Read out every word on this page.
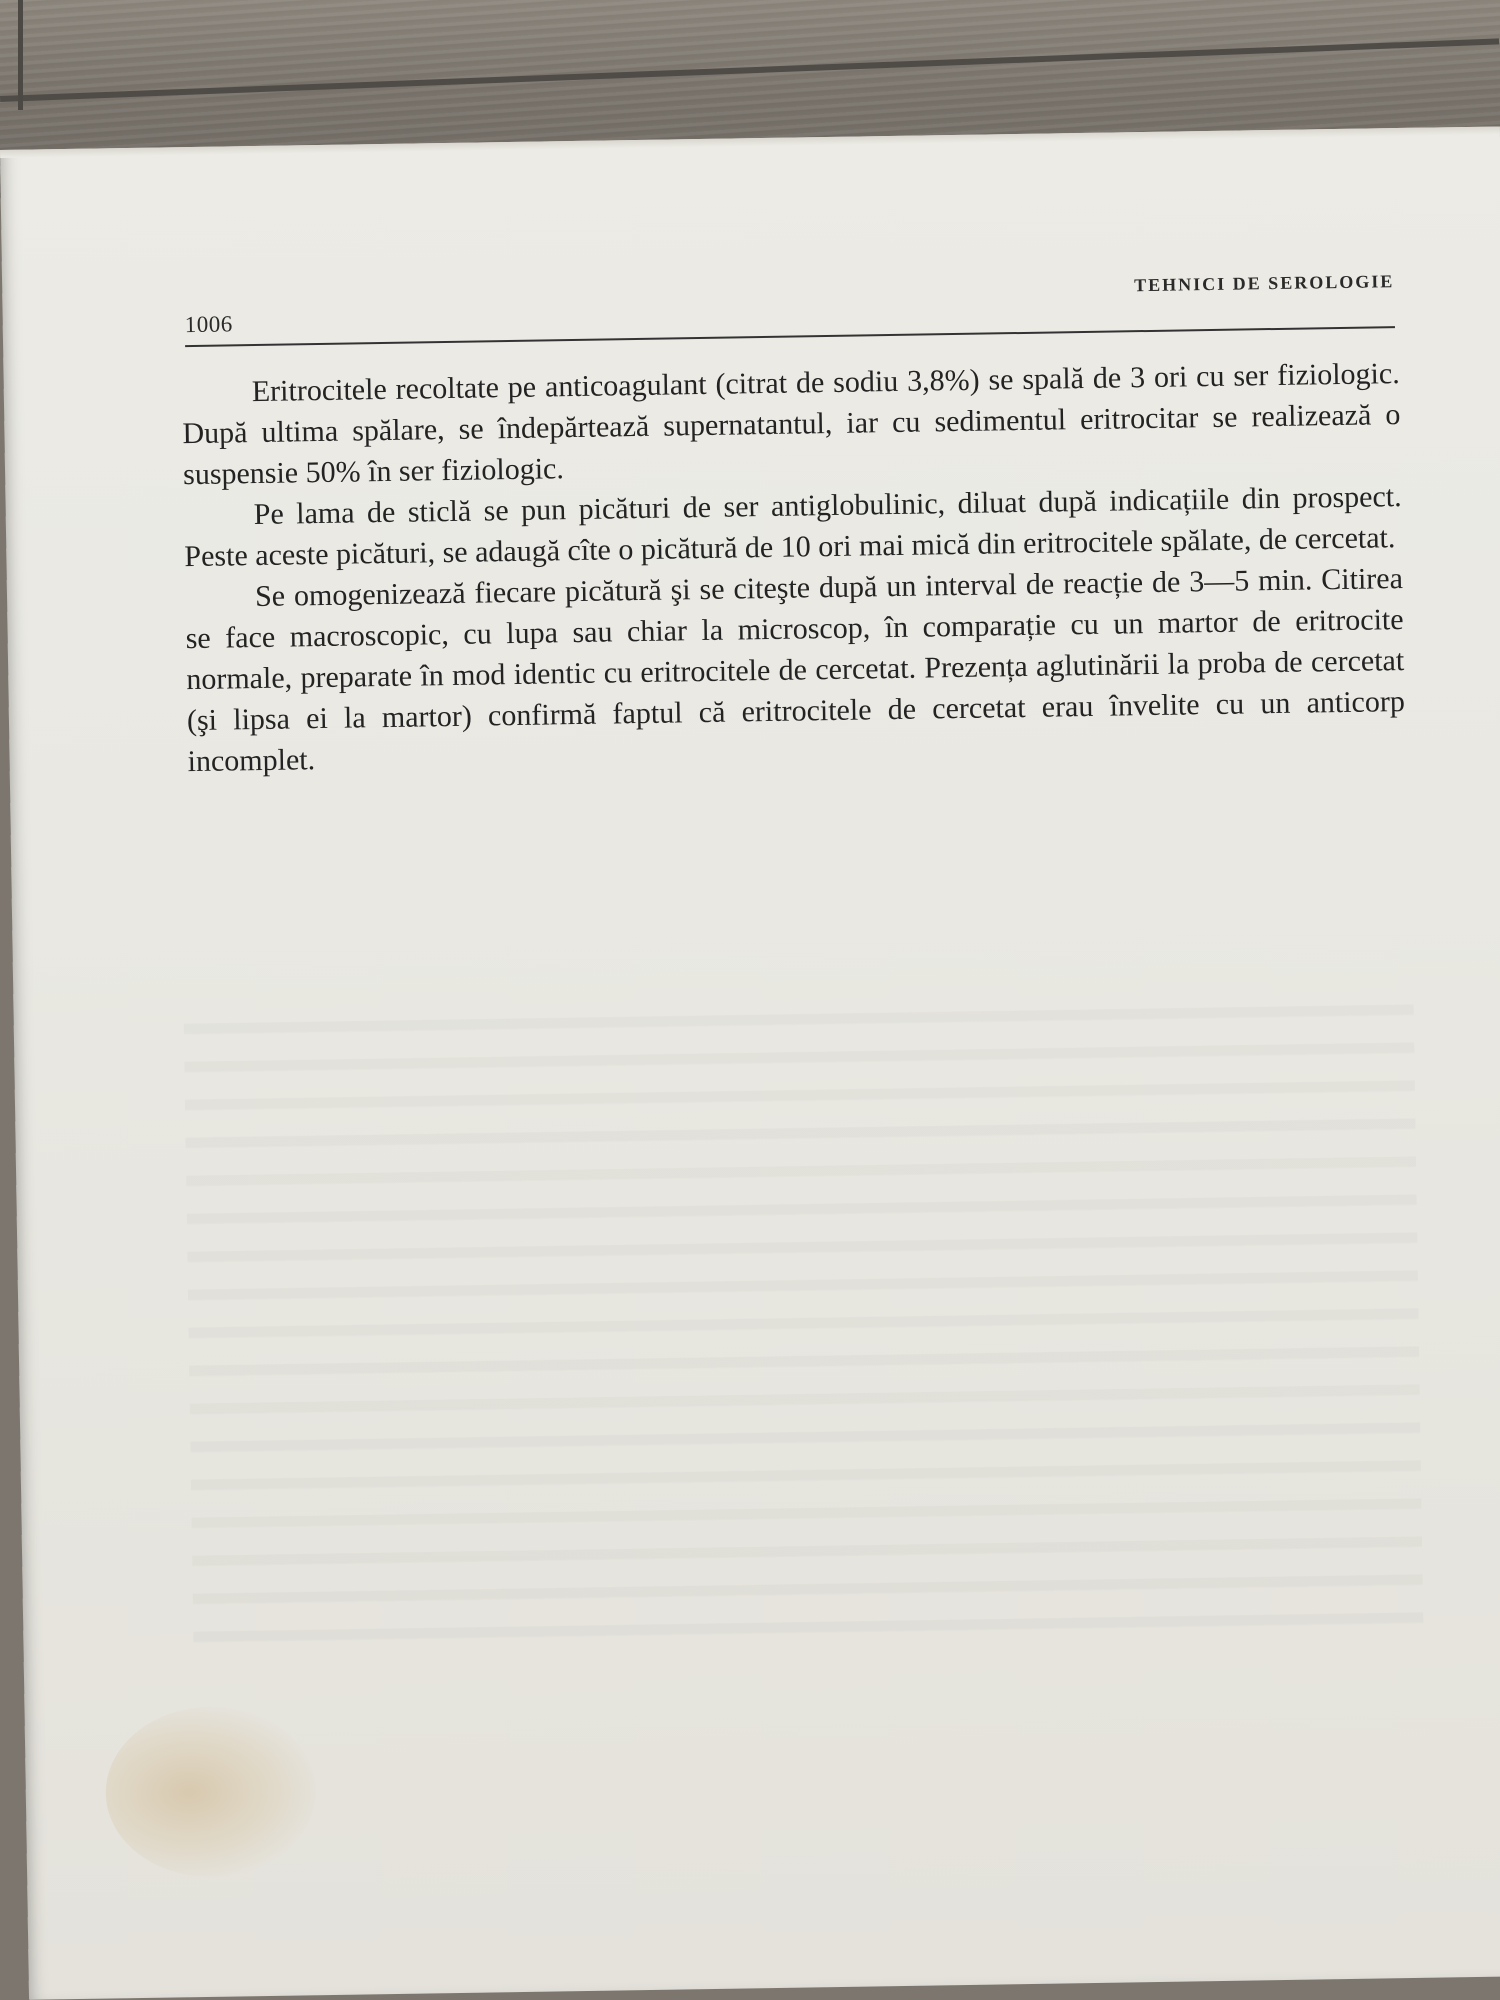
1006
TEHNICI DE SEROLOGIE

Eritrocitele recoltate pe anticoagulant (citrat de sodiu 3,8%) se spală de 3 ori cu ser fiziologic. După ultima spălare, se îndepărtează supernatantul, iar cu sedimentul eritrocitar se realizează o suspensie 50% în ser fiziologic.

Pe lama de sticlă se pun picături de ser antiglobulinic, diluat după indicațiile din prospect. Peste aceste picături, se adaugă cîte o picătură de 10 ori mai mică din eritrocitele spălate, de cercetat.

Se omogenizează fiecare picătură şi se citeşte după un interval de reacție de 3—5 min. Citirea se face macroscopic, cu lupa sau chiar la microscop, în comparație cu un martor de eritrocite normale, preparate în mod identic cu eritrocitele de cercetat. Prezența aglutinării la proba de cercetat (şi lipsa ei la martor) confirmă faptul că eritrocitele de cercetat erau învelite cu un anticorp incomplet.
